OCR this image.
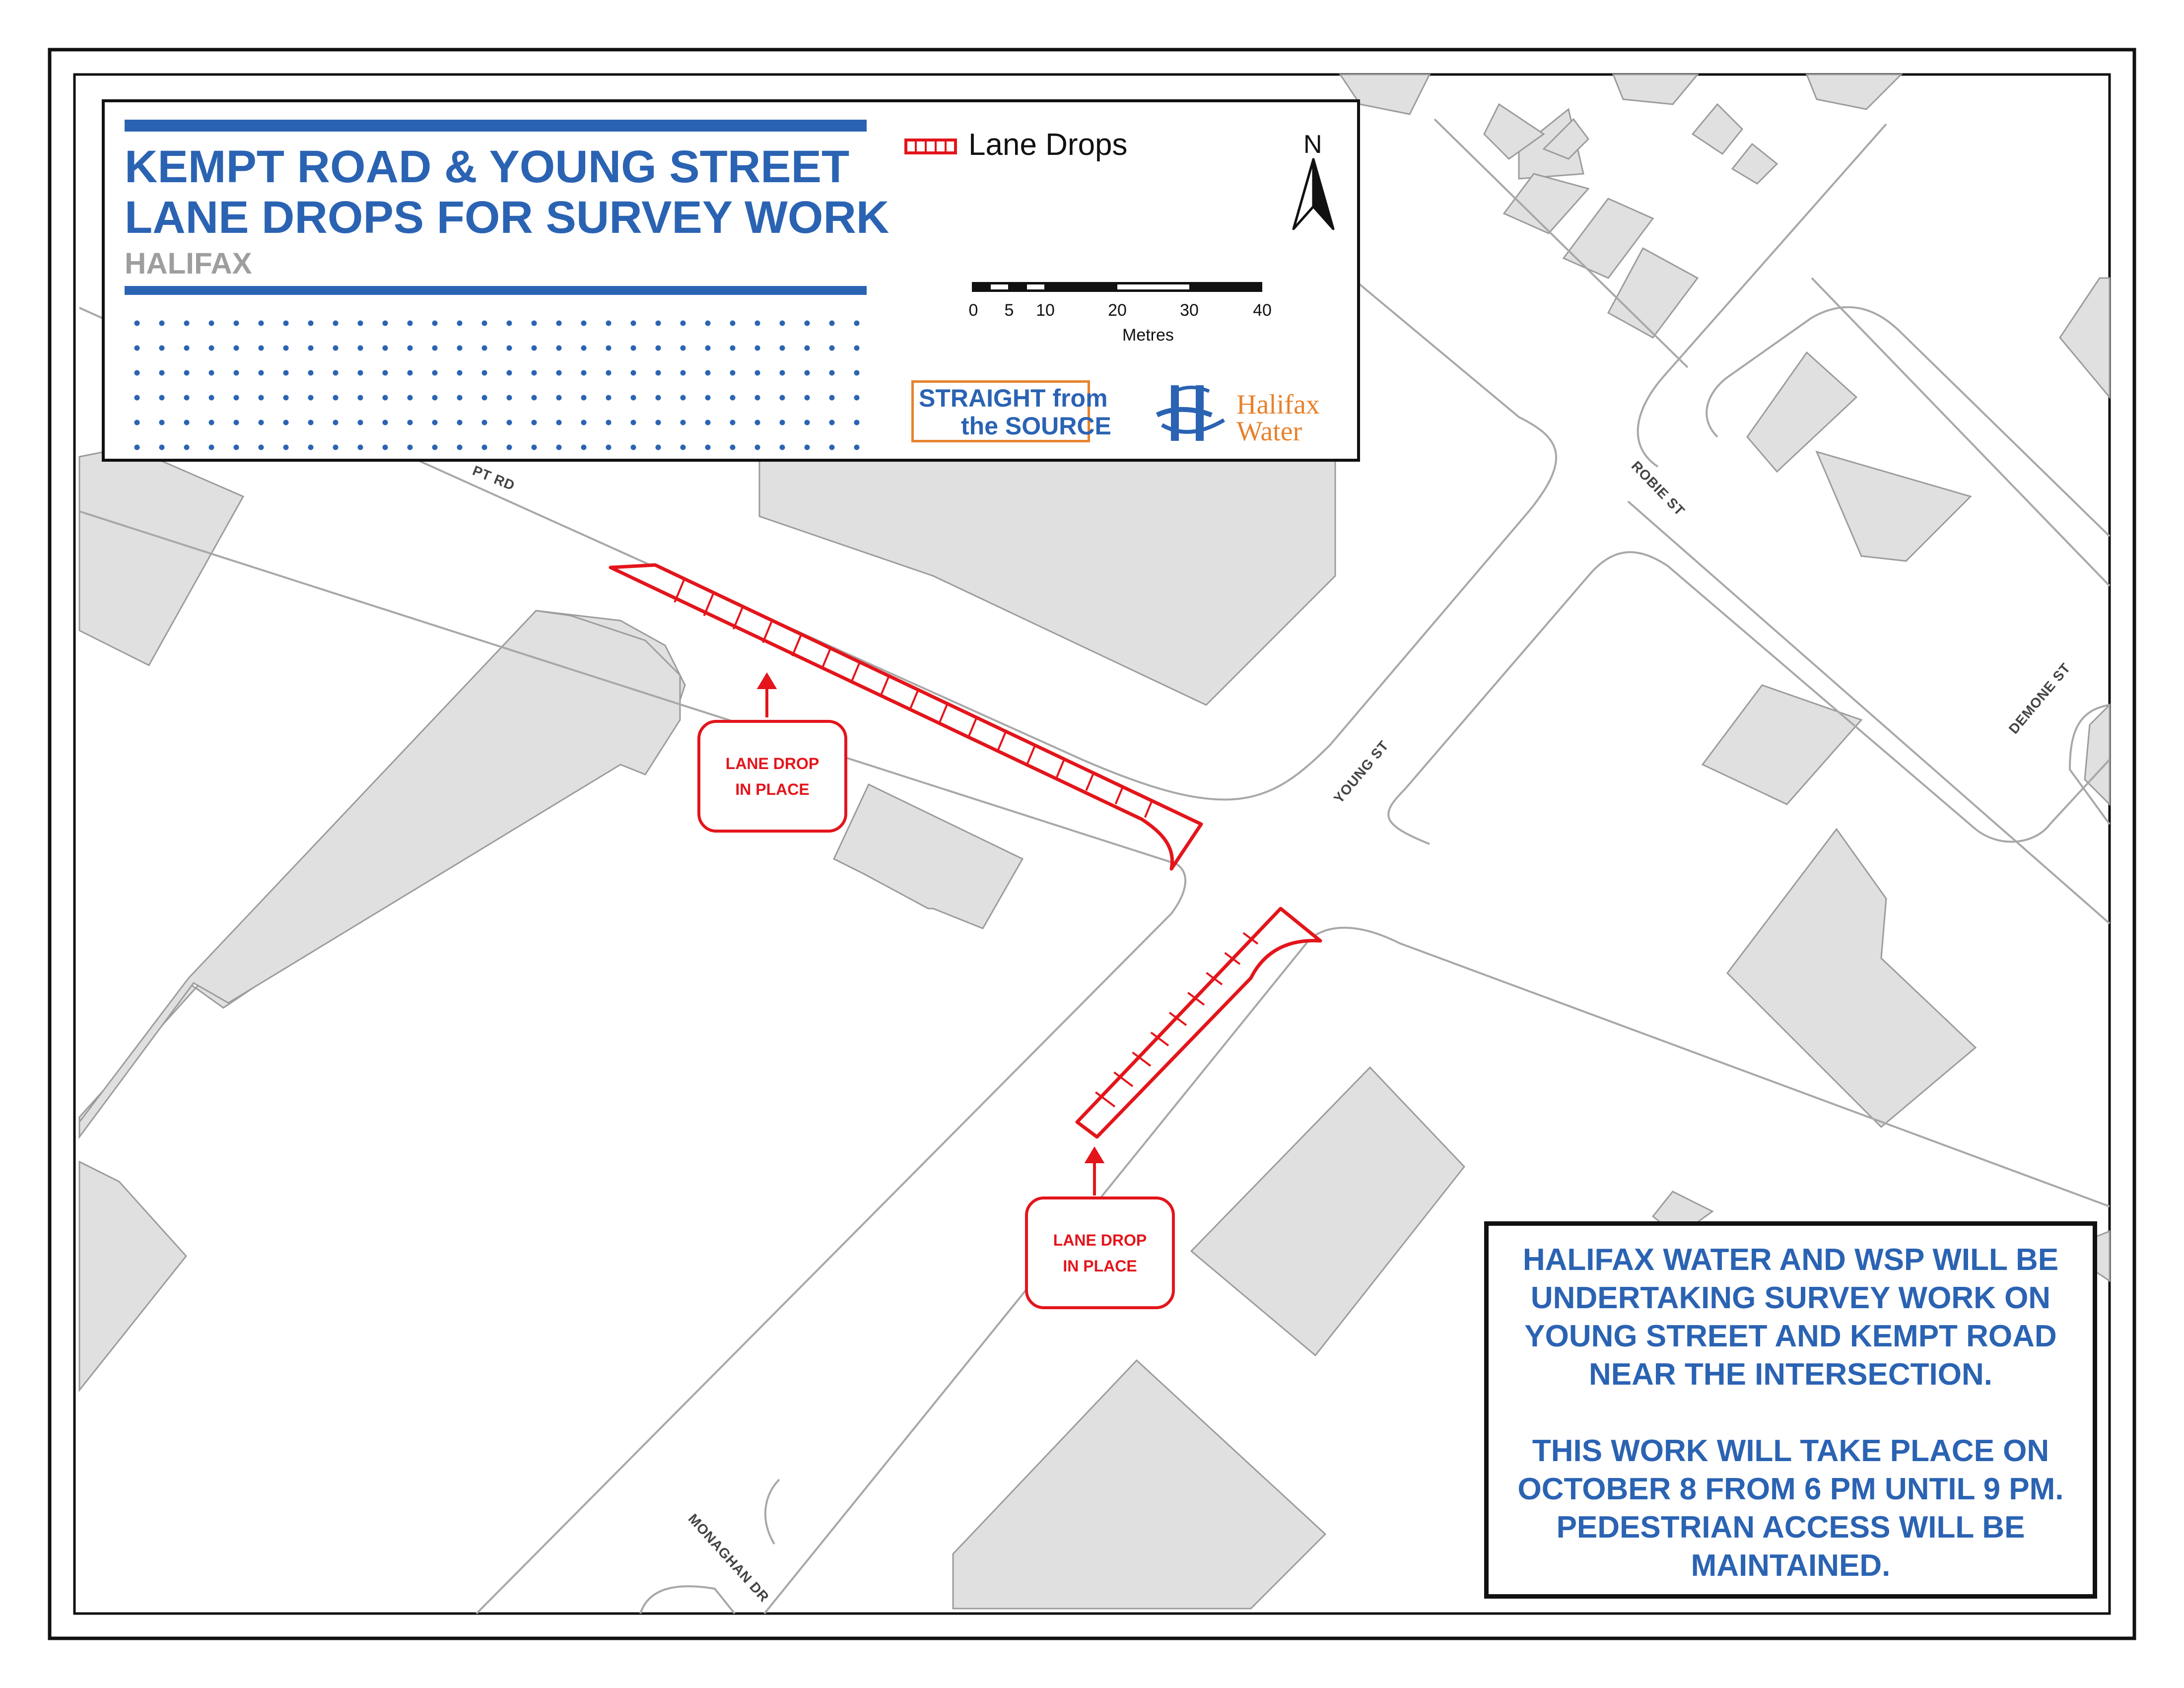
PT RD	ROBIE ST
YOUNG ST
DEMONE ST
MONAGHAN DR
LANE DROP
IN PLACE
LANE DROP
IN PLACE
KEMPT ROAD & YOUNG STREET
LANE DROPS FOR SURVEY WORK
HALIFAX
Lane Drops	N
0 5 10	20	30	40
Metres
STRAIGHT from
the SOURCE
Halifax
Water

HALIFAX WATER AND WSP WILL BE UNDERTAKING SURVEY WORK ON YOUNG STREET AND KEMPT ROAD NEAR THE INTERSECTION.

THIS WORK WILL TAKE PLACE ON OCTOBER 8 FROM 6 PM UNTIL 9 PM. PEDESTRIAN ACCESS WILL BE MAINTAINED.
